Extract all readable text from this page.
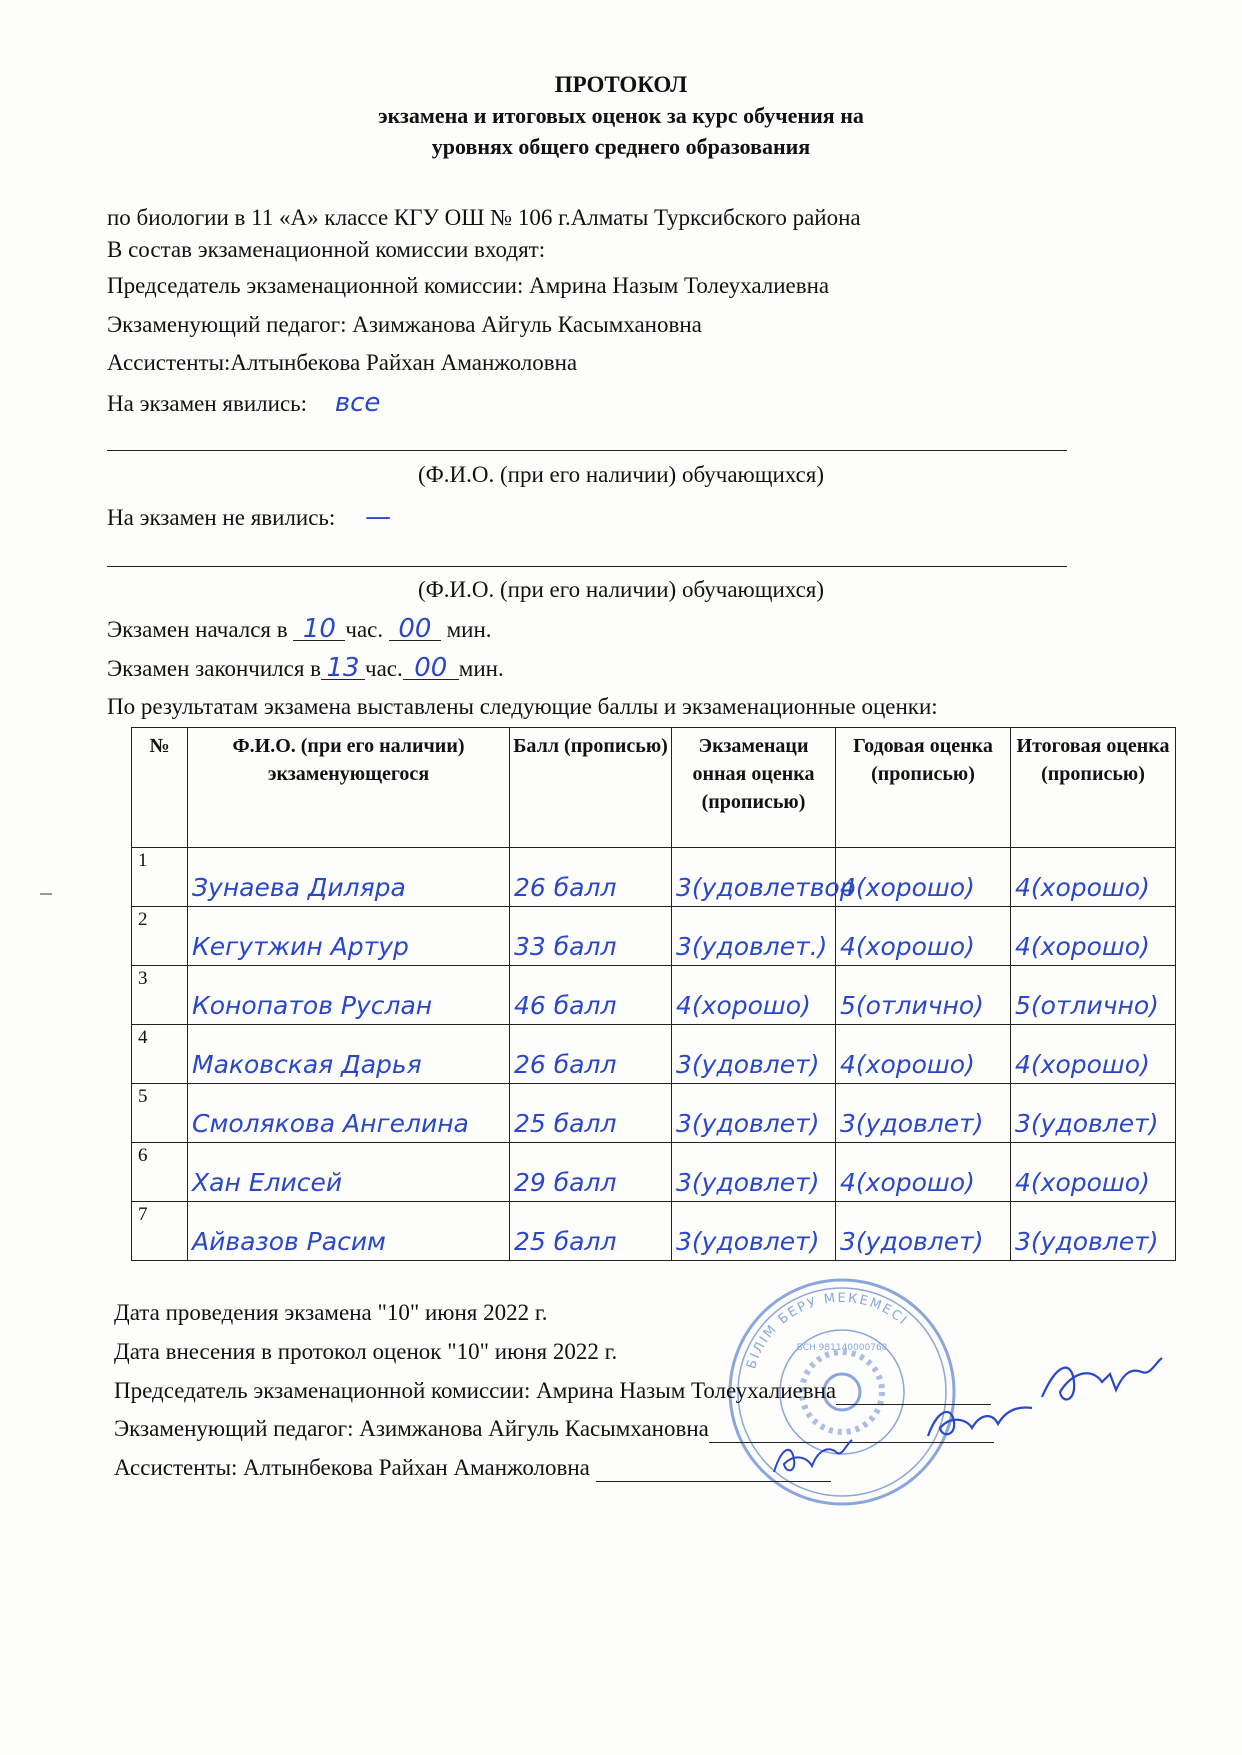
ПРОТОКОЛ
экзамена и итоговых оценок за курс обучения на
уровнях общего среднего образования
по биологии в 11 «А» классе КГУ ОШ № 106 г.Алматы Турксибского района
В состав экзаменационной комиссии входят:
Председатель экзаменационной комиссии: Амрина Назым Толеухалиевна
Экзаменующий педагог: Азимжанова Айгуль Касымхановна
Ассистенты:Алтынбекова Райхан Аманжоловна
На экзамен явились: все
(Ф.И.О. (при его наличии) обучающихся)
На экзамен не явились: —
(Ф.И.О. (при его наличии) обучающихся)
Экзамен начался в 10 час. 00 мин.
Экзамен закончился в 13 час. 00 мин.
По результатам экзамена выставлены следующие баллы и экзаменационные оценки:
№	Ф.И.О. (при его наличии) экзаменующегося	Балл (прописью)	Экзаменаци онная оценка (прописью)	Годовая оценка (прописью)	Итоговая оценка (прописью)
1	Зунаева Диляра	26 балл	3(удовлетвор	4(хорошо)	4(хорошо)
2	Кегутжин Артур	33 балл	3(удовлет.)	4(хорошо)	4(хорошо)
3	Конопатов Руслан	46 балл	4(хорошо)	5(отлично)	5(отлично)
4	Маковская Дарья	26 балл	3(удовлет)	4(хорошо)	4(хорошо)
5	Смолякова Ангелина	25 балл	3(удовлет)	3(удовлет)	3(удовлет)
6	Хан Елисей	29 балл	3(удовлет)	4(хорошо)	4(хорошо)
7	Айвазов Расим	25 балл	3(удовлет)	3(удовлет)	3(удовлет)
БІЛІМ БЕРУ МЕКЕМЕСІ
БСН 981140000768
Дата проведения экзамена "10" июня 2022 г.
Дата внесения в протокол оценок "10" июня 2022 г.
Председатель экзаменационной комиссии: Амрина Назым Толеухалиевна
Экзаменующий педагог: Азимжанова Айгуль Касымхановна
Ассистенты: Алтынбекова Райхан Аманжоловна
